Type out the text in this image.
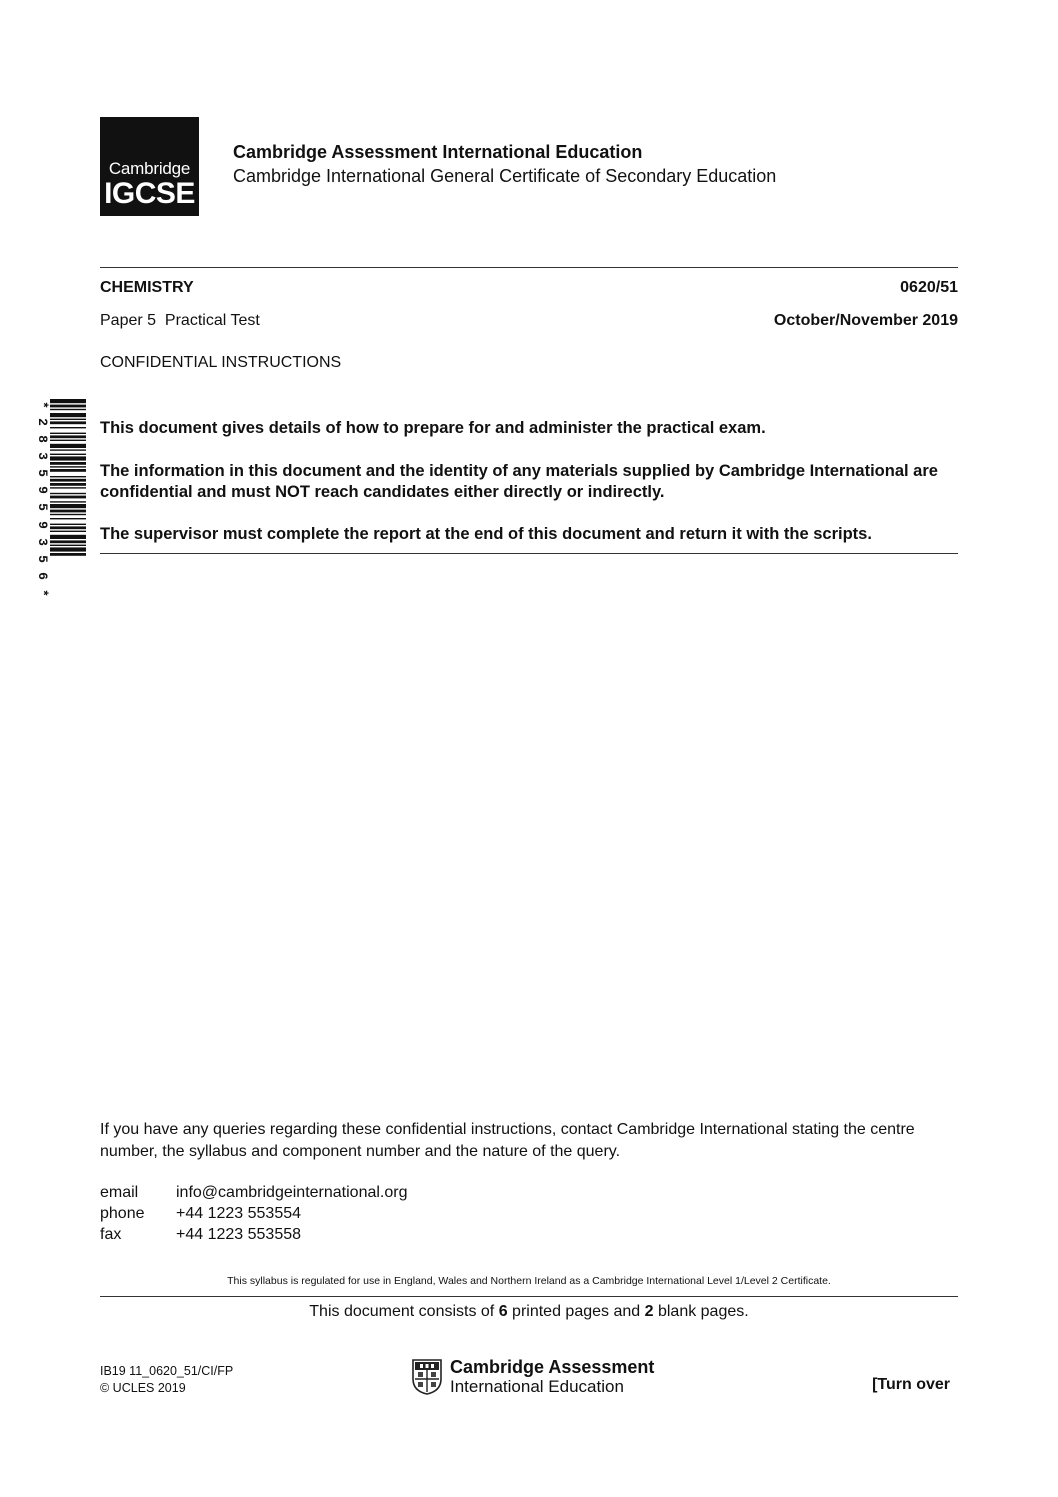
Cambridge
IGCSE
Cambridge Assessment International Education
Cambridge International General Certificate of Secondary Education
CHEMISTRY	0620/51
Paper 5  Practical Test	October/November 2019
CONFIDENTIAL INSTRUCTIONS
*
2
8
3
5
9
5
9
3
5
6
*
This document gives details of how to prepare for and administer the practical exam.
The information in this document and the identity of any materials supplied by Cambridge International are confidential and must NOT reach candidates either directly or indirectly.
The supervisor must complete the report at the end of this document and return it with the scripts.
If you have any queries regarding these confidential instructions, contact Cambridge International stating the centre number, the syllabus and component number and the nature of the query.
email info@cambridgeinternational.org
phone +44 1223 553554
fax	+44 1223 553558
This syllabus is regulated for use in England, Wales and Northern Ireland as a Cambridge International Level 1/Level 2 Certificate.
This document consists of 6 printed pages and 2 blank pages.
IB19 11_0620_51/CI/FP
© UCLES 2019
Cambridge Assessment
International Education	[Turn over
